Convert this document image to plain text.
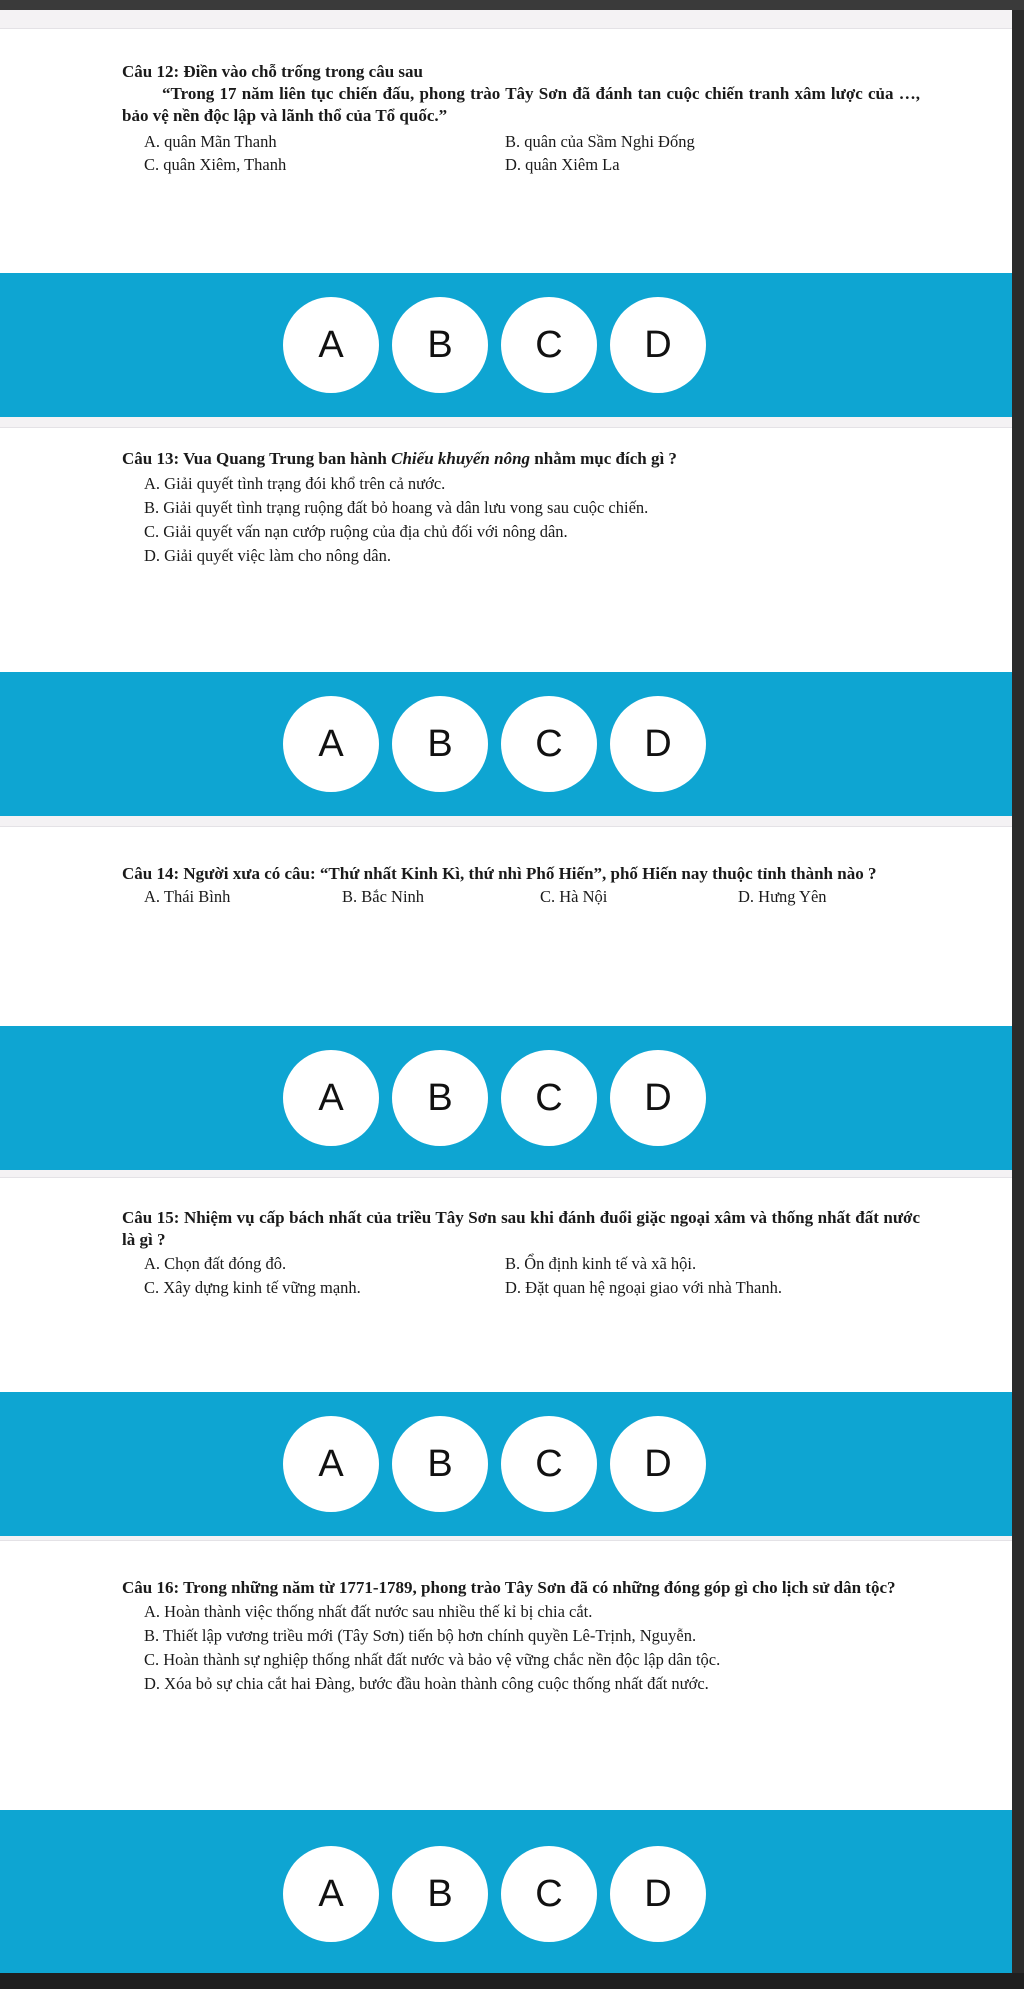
Câu 12: Điền vào chỗ trống trong câu sau
“Trong 17 năm liên tục chiến đấu, phong trào Tây Sơn đã đánh tan cuộc chiến tranh xâm lược của …, bảo vệ nền độc lập và lãnh thổ của Tổ quốc.”
A. quân Mãn Thanh	B. quân của Sầm Nghi Đống
C. quân Xiêm, Thanh	D. quân Xiêm La
A	B	C	D
Câu 13: Vua Quang Trung ban hành Chiếu khuyến nông nhằm mục đích gì ?
A. Giải quyết tình trạng đói khổ trên cả nước.
B. Giải quyết tình trạng ruộng đất bỏ hoang và dân lưu vong sau cuộc chiến.
C. Giải quyết vấn nạn cướp ruộng của địa chủ đối với nông dân.
D. Giải quyết việc làm cho nông dân.
A	B	C	D
Câu 14: Người xưa có câu: “Thứ nhất Kinh Kì, thứ nhì Phố Hiến”, phố Hiến nay thuộc tỉnh thành nào ?
A. Thái Bình	B. Bắc Ninh	C. Hà Nội	D. Hưng Yên
A	B	C	D
Câu 15: Nhiệm vụ cấp bách nhất của triều Tây Sơn sau khi đánh đuổi giặc ngoại xâm và thống nhất đất nước là gì ?
A. Chọn đất đóng đô.	B. Ổn định kinh tế và xã hội.
C. Xây dựng kinh tế vững mạnh.	D. Đặt quan hệ ngoại giao với nhà Thanh.
A	B	C	D
Câu 16: Trong những năm từ 1771-1789, phong trào Tây Sơn đã có những đóng góp gì cho lịch sử dân tộc?
A. Hoàn thành việc thống nhất đất nước sau nhiều thế kỉ bị chia cắt.
B. Thiết lập vương triều mới (Tây Sơn) tiến bộ hơn chính quyền Lê-Trịnh, Nguyễn.
C. Hoàn thành sự nghiệp thống nhất đất nước và bảo vệ vững chắc nền độc lập dân tộc.
D. Xóa bỏ sự chia cắt hai Đàng, bước đầu hoàn thành công cuộc thống nhất đất nước.
A	B	C	D
